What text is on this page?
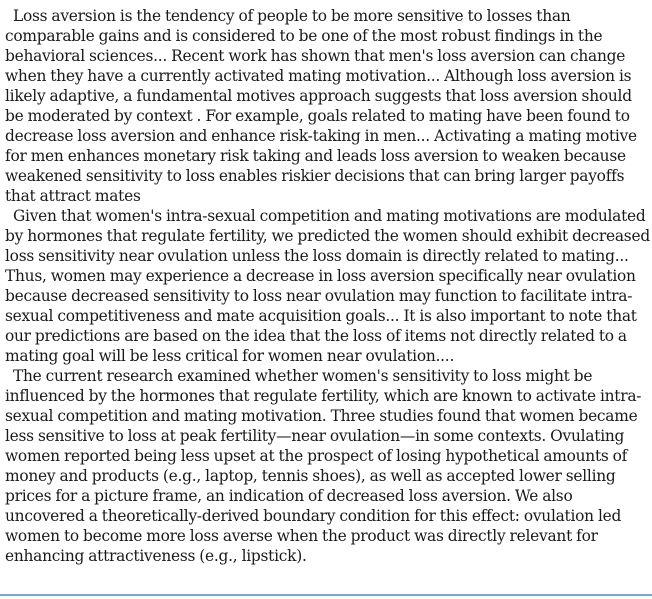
Loss aversion is the tendency of people to be more sensitive to losses than comparable gains and is considered to be one of the most robust findings in the behavioral sciences... Recent work has shown that men's loss aversion can change when they have a currently activated mating motivation... Although loss aversion is likely adaptive, a fundamental motives approach suggests that loss aversion should be moderated by context . For example, goals related to mating have been found to decrease loss aversion and enhance risk-taking in men... Activating a mating motive for men enhances monetary risk taking and leads loss aversion to weaken because weakened sensitivity to loss enables riskier decisions that can bring larger payoffs that attract mates

Given that women's intra-sexual competition and mating motivations are modulated by hormones that regulate fertility, we predicted the women should exhibit decreased loss sensitivity near ovulation unless the loss domain is directly related to mating... Thus, women may experience a decrease in loss aversion specifically near ovulation because decreased sensitivity to loss near ovulation may function to facilitate intra-sexual competitiveness and mate acquisition goals... It is also important to note that our predictions are based on the idea that the loss of items not directly related to a mating goal will be less critical for women near ovulation....

The current research examined whether women's sensitivity to loss might be influenced by the hormones that regulate fertility, which are known to activate intra-sexual competition and mating motivation. Three studies found that women became less sensitive to loss at peak fertility—near ovulation—in some contexts. Ovulating women reported being less upset at the prospect of losing hypothetical amounts of money and products (e.g., laptop, tennis shoes), as well as accepted lower selling prices for a picture frame, an indication of decreased loss aversion. We also uncovered a theoretically-derived boundary condition for this effect: ovulation led women to become more loss averse when the product was directly relevant for enhancing attractiveness (e.g., lipstick).
